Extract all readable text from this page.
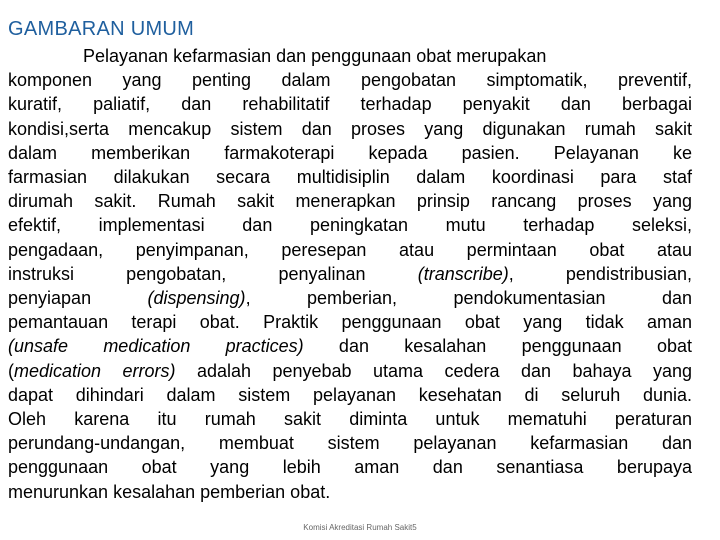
GAMBARAN UMUM
Pelayanan kefarmasian dan penggunaan obat merupakan
komponen yang penting dalam pengobatan simptomatik, preventif,
kuratif, paliatif, dan rehabilitatif terhadap penyakit dan berbagai
kondisi,serta mencakup sistem dan proses yang digunakan rumah sakit
dalam memberikan farmakoterapi kepada pasien. Pelayanan ke
farmasian dilakukan secara multidisiplin dalam koordinasi para staf
dirumah sakit. Rumah sakit menerapkan prinsip rancang proses yang
efektif, implementasi dan peningkatan mutu terhadap seleksi,
pengadaan, penyimpanan, peresepan atau permintaan obat atau
instruksi pengobatan, penyalinan (transcribe), pendistribusian,
penyiapan (dispensing), pemberian, pendokumentasian dan
pemantauan terapi obat. Praktik penggunaan obat yang tidak aman
(unsafe medication practices) dan kesalahan penggunaan obat
(medication errors) adalah penyebab utama cedera dan bahaya yang
dapat dihindari dalam sistem pelayanan kesehatan di seluruh dunia.
Oleh karena itu rumah sakit diminta untuk mematuhi peraturan
perundang-undangan, membuat sistem pelayanan kefarmasian dan
penggunaan obat yang lebih aman dan senantiasa berupaya
menurunkan kesalahan pemberian obat.
Komisi Akreditasi Rumah Sakit5
